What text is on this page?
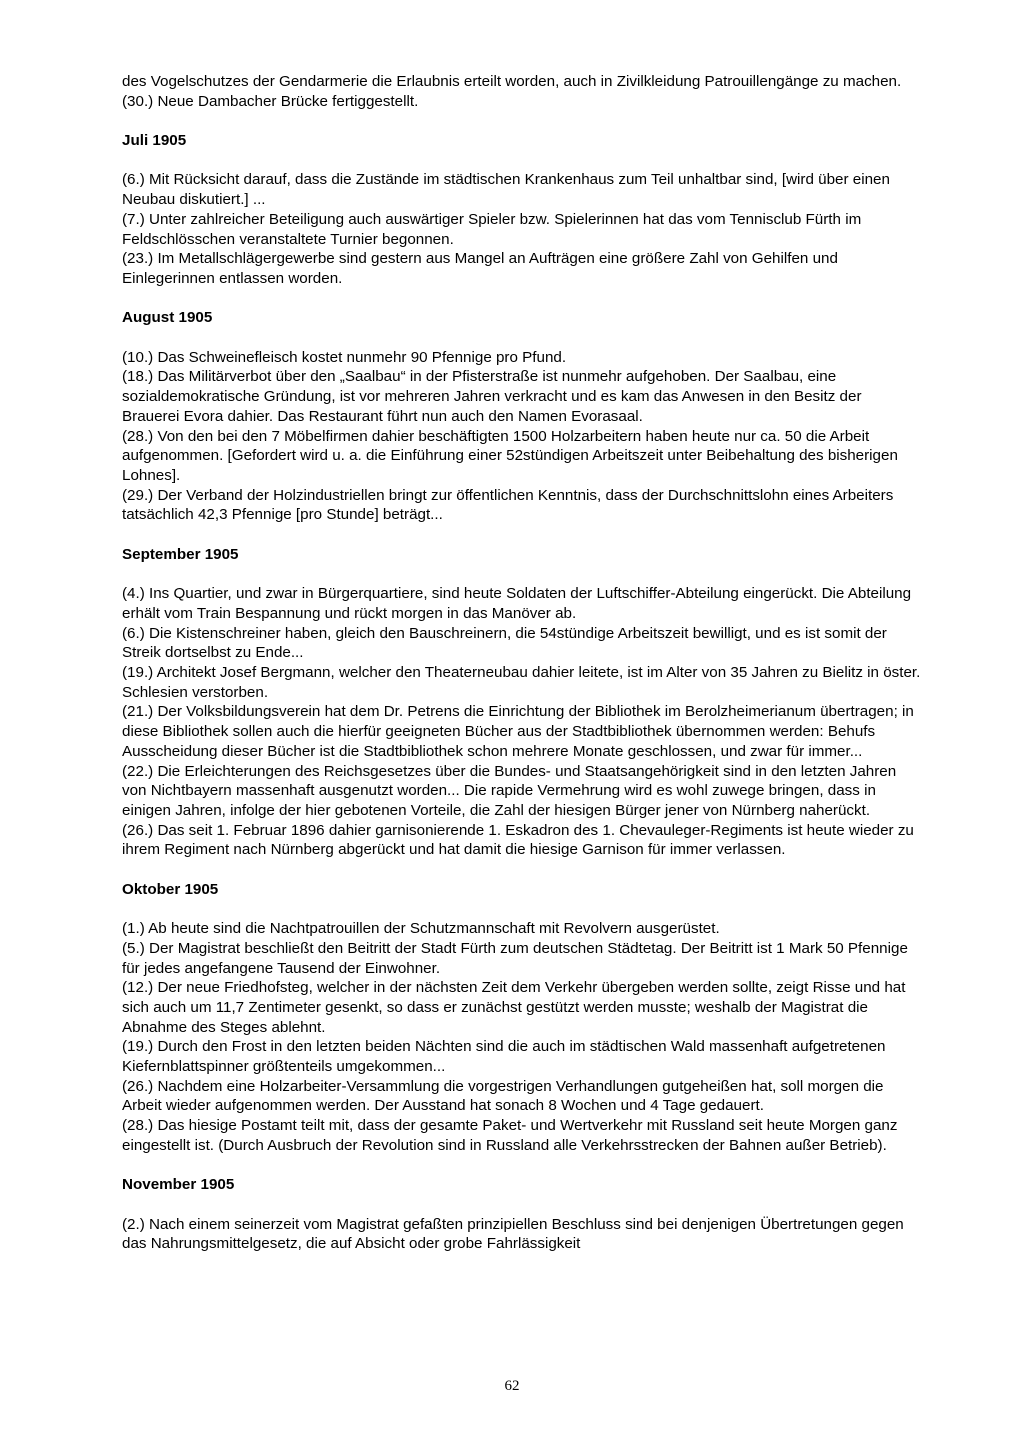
des Vogelschutzes der Gendarmerie die Erlaubnis erteilt worden, auch in Zivilkleidung Patrouillengänge zu machen.

(30.) Neue Dambacher Brücke fertiggestellt.

Juli 1905

(6.) Mit Rücksicht darauf, dass die Zustände im städtischen Krankenhaus zum Teil unhaltbar sind, [wird über einen Neubau diskutiert.] ...

(7.) Unter zahlreicher Beteiligung auch auswärtiger Spieler bzw. Spielerinnen hat das vom Tennisclub Fürth im Feldschlösschen veranstaltete Turnier begonnen.

(23.) Im Metallschlägergewerbe sind gestern aus Mangel an Aufträgen eine größere Zahl von Gehilfen und Einlegerinnen entlassen worden.

August 1905

(10.) Das Schweinefleisch kostet nunmehr 90 Pfennige pro Pfund.

(18.) Das Militärverbot über den „Saalbau“ in der Pfisterstraße ist nunmehr aufgehoben. Der Saalbau, eine sozialdemokratische Gründung, ist vor mehreren Jahren verkracht und es kam das Anwesen in den Besitz der Brauerei Evora dahier. Das Restaurant führt nun auch den Namen Evorasaal.

(28.) Von den bei den 7 Möbelfirmen dahier beschäftigten 1500 Holzarbeitern haben heute nur ca. 50 die Arbeit aufgenommen. [Gefordert wird u. a. die Einführung einer 52stündigen Arbeitszeit unter Beibehaltung des bisherigen Lohnes].

(29.) Der Verband der Holzindustriellen bringt zur öffentlichen Kenntnis, dass der Durchschnittslohn eines Arbeiters tatsächlich 42,3 Pfennige [pro Stunde] beträgt...

September 1905

(4.) Ins Quartier, und zwar in Bürgerquartiere, sind heute Soldaten der Luftschiffer-Abteilung eingerückt. Die Abteilung erhält vom Train Bespannung und rückt morgen in das Manöver ab.

(6.) Die Kistenschreiner haben, gleich den Bauschreinern, die 54stündige Arbeitszeit bewilligt, und es ist somit der Streik dortselbst zu Ende...

(19.) Architekt Josef Bergmann, welcher den Theaterneubau dahier leitete, ist im Alter von 35 Jahren zu Bielitz in öster. Schlesien verstorben.

(21.) Der Volksbildungsverein hat dem Dr. Petrens die Einrichtung der Bibliothek im Berolzheimerianum übertragen; in diese Bibliothek sollen auch die hierfür geeigneten Bücher aus der Stadtbibliothek übernommen werden: Behufs Ausscheidung dieser Bücher ist die Stadtbibliothek schon mehrere Monate geschlossen, und zwar für immer...

(22.) Die Erleichterungen des Reichsgesetzes über die Bundes- und Staatsangehörigkeit sind in den letzten Jahren von Nichtbayern massenhaft ausgenutzt worden... Die rapide Vermehrung wird es wohl zuwege bringen, dass in einigen Jahren, infolge der hier gebotenen Vorteile, die Zahl der hiesigen Bürger jener von Nürnberg naherückt.

(26.) Das seit 1. Februar 1896 dahier garnisonierende 1. Eskadron des 1. Chevauleger-Regiments ist heute wieder zu ihrem Regiment nach Nürnberg abgerückt und hat damit die hiesige Garnison für immer verlassen.

Oktober 1905

(1.) Ab heute sind die Nachtpatrouillen der Schutzmannschaft mit Revolvern ausgerüstet.

(5.) Der Magistrat beschließt den Beitritt der Stadt Fürth zum deutschen Städtetag. Der Beitritt ist 1 Mark 50 Pfennige für jedes angefangene Tausend der Einwohner.

(12.) Der neue Friedhofsteg, welcher in der nächsten Zeit dem Verkehr übergeben werden sollte, zeigt Risse und hat sich auch um 11,7 Zentimeter gesenkt, so dass er zunächst gestützt werden musste; weshalb der Magistrat die Abnahme des Steges ablehnt.

(19.) Durch den Frost in den letzten beiden Nächten sind die auch im städtischen Wald massenhaft aufgetretenen Kiefernblattspinner größtenteils umgekommen...

(26.) Nachdem eine Holzarbeiter-Versammlung die vorgestrigen Verhandlungen gutgeheißen hat, soll morgen die Arbeit wieder aufgenommen werden. Der Ausstand hat sonach 8 Wochen und 4 Tage gedauert.

(28.) Das hiesige Postamt teilt mit, dass der gesamte Paket- und Wertverkehr mit Russland seit heute Morgen ganz eingestellt ist. (Durch Ausbruch der Revolution sind in Russland alle Verkehrsstrecken der Bahnen außer Betrieb).

November 1905

(2.) Nach einem seinerzeit vom Magistrat gefaßten prinzipiellen Beschluss sind bei denjenigen Übertretungen gegen das Nahrungsmittelgesetz, die auf Absicht oder grobe Fahrlässigkeit

62
